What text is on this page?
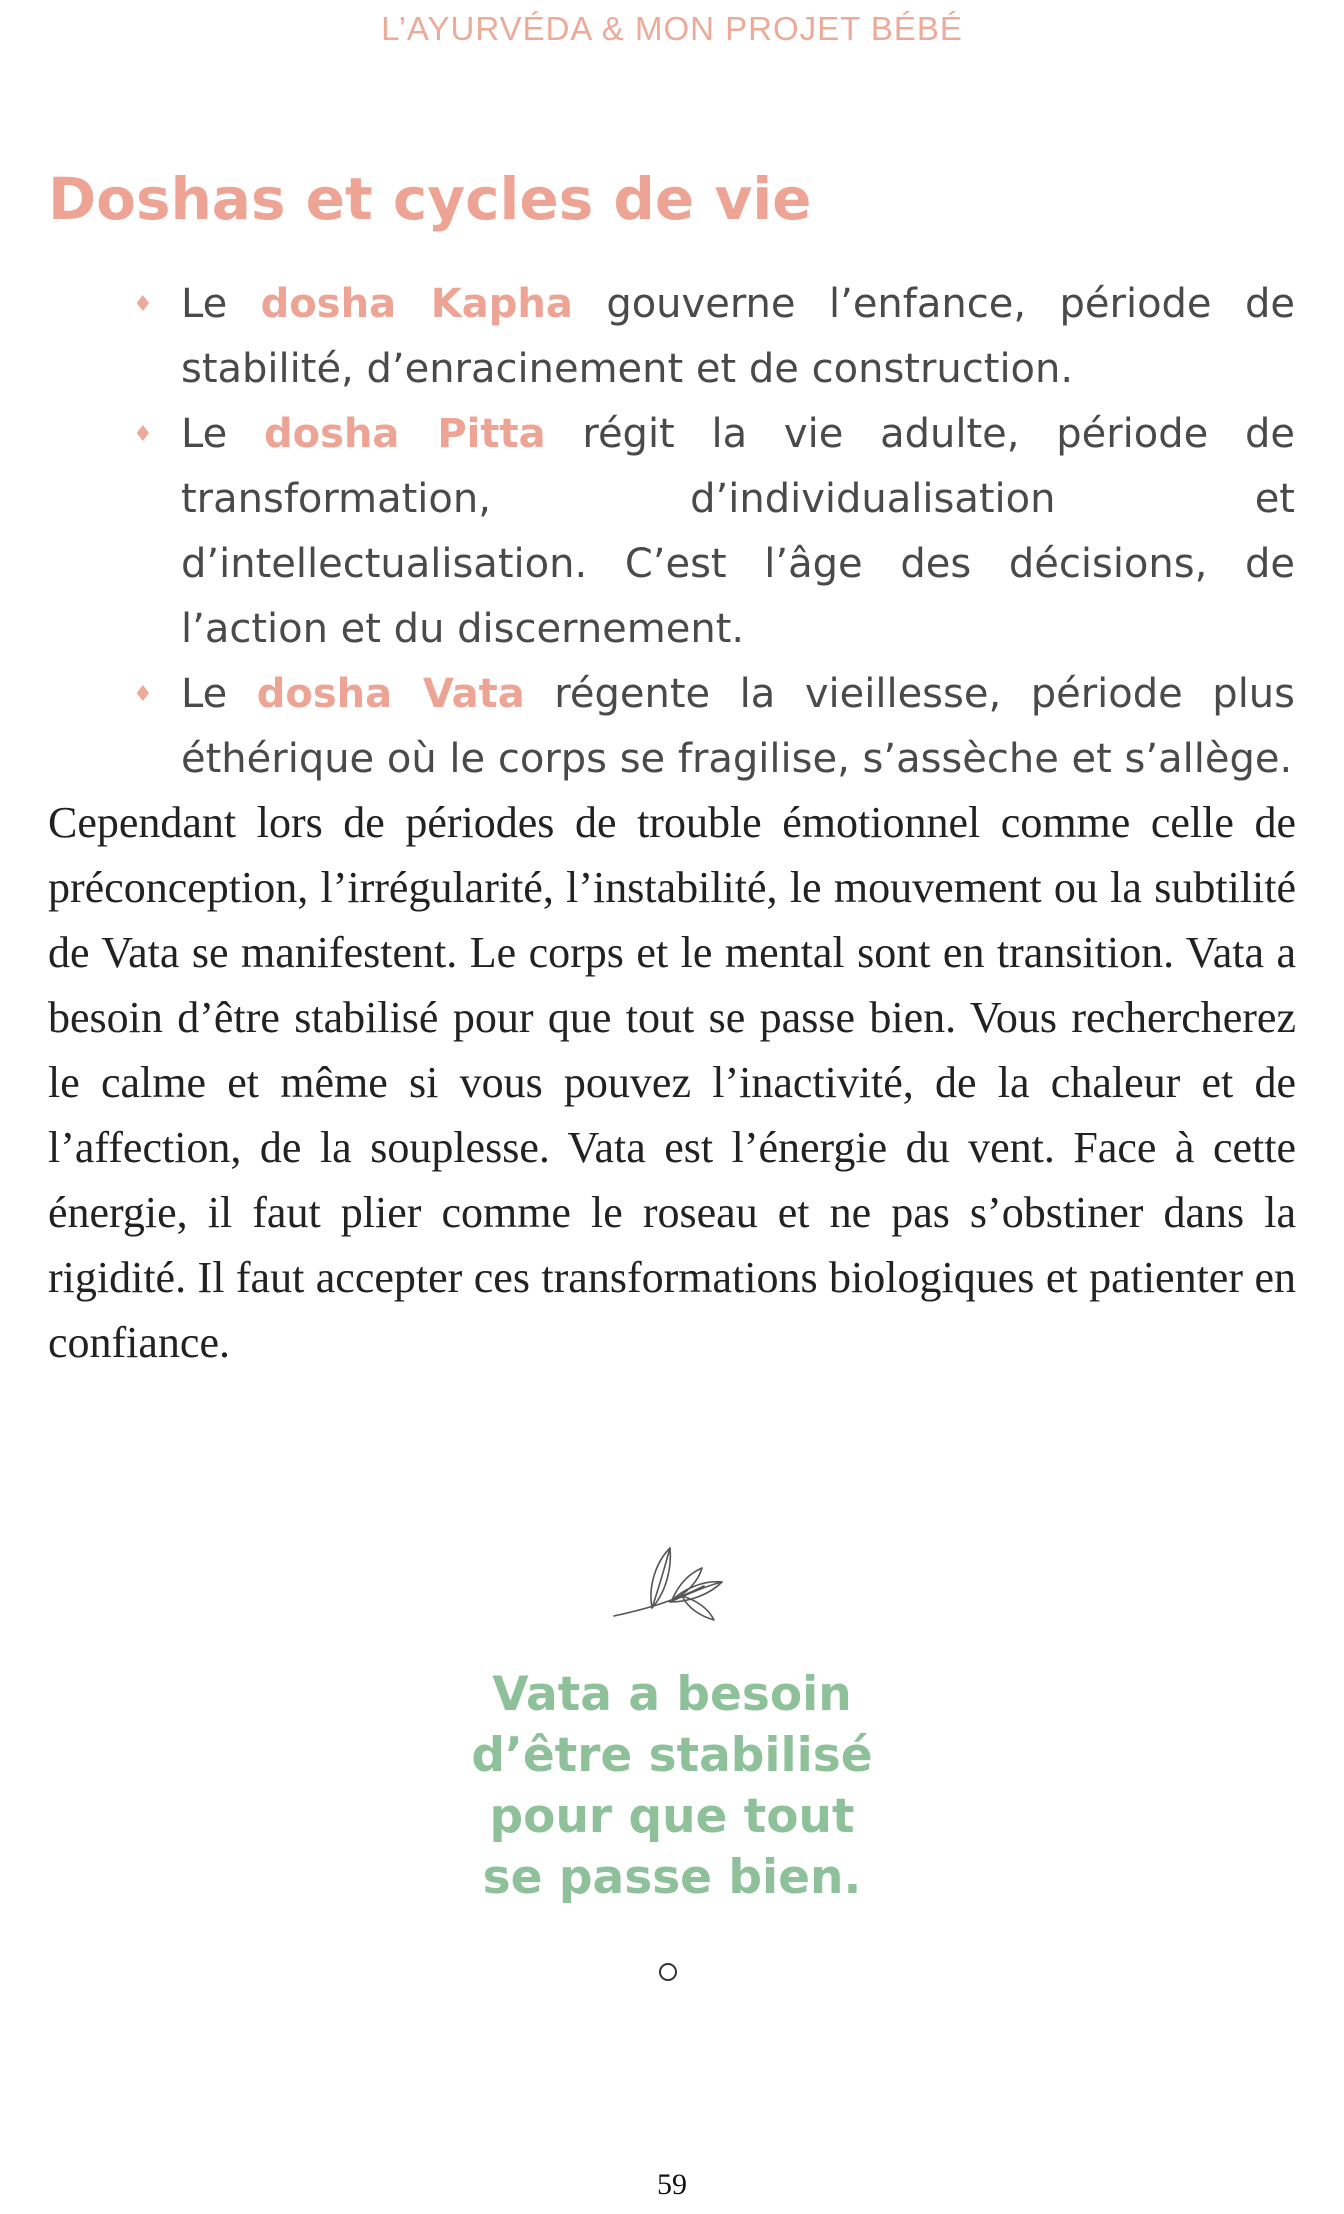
L’AYURVÉDA & MON PROJET BÉBÉ
Doshas et cycles de vie
♦ Le dosha Kapha gouverne l’enfance, période de stabilité, d’enracinement et de construction.
♦ Le dosha Pitta régit la vie adulte, période de transformation, d’individualisation et d’intellectualisation. C’est l’âge des décisions, de l’action et du discernement.
♦ Le dosha Vata régente la vieillesse, période plus éthérique où le corps se fragilise, s’assèche et s’allège.

Cependant lors de périodes de trouble émotionnel comme celle de préconception, l’irrégularité, l’instabilité, le mouvement ou la subtilité de Vata se manifestent. Le corps et le mental sont en transition. Vata a besoin d’être stabilisé pour que tout se passe bien. Vous rechercherez le calme et même si vous pouvez l’inactivité, de la chaleur et de l’affection, de la souplesse. Vata est l’énergie du vent. Face à cette énergie, il faut plier comme le roseau et ne pas s’obstiner dans la rigidité. Il faut accepter ces transformations biologiques et patienter en confiance.

Vata a besoin
d’être stabilisé
pour que tout
se passe bien.

59
